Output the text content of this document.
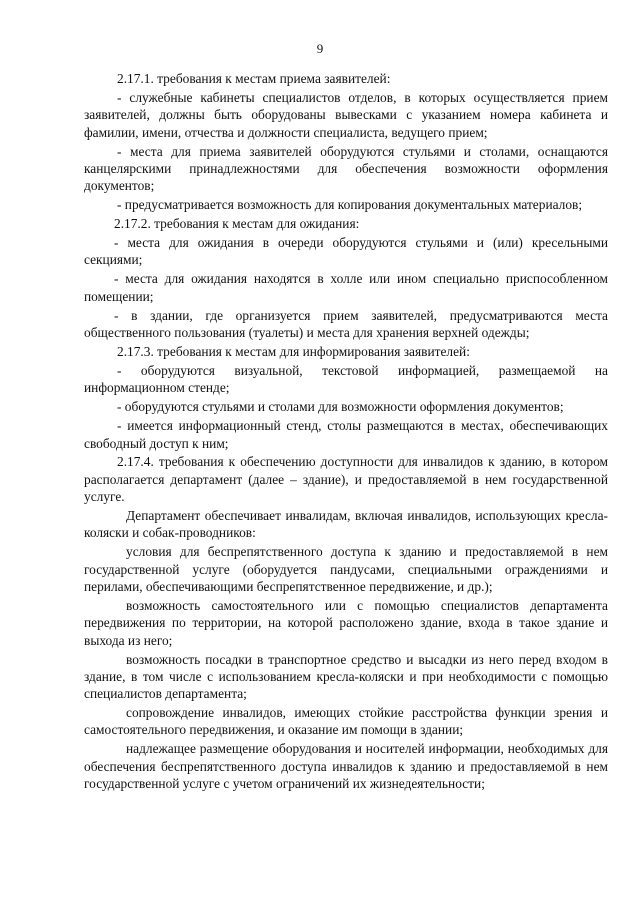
9

2.17.1. требования к местам приема заявителей:

- служебные кабинеты специалистов отделов, в которых осуществляется прием заявителей, должны быть оборудованы вывесками с указанием номера кабинета и фамилии, имени, отчества и должности специалиста, ведущего прием;

- места для приема заявителей оборудуются стульями и столами, оснащаются канцелярскими принадлежностями для обеспечения возможности оформления документов;

- предусматривается возможность для копирования документальных материалов;

2.17.2. требования к местам для ожидания:

- места для ожидания в очереди оборудуются стульями и (или) кресельными секциями;

- места для ожидания находятся в холле или ином специально приспособленном помещении;

- в здании, где организуется прием заявителей, предусматриваются места общественного пользования (туалеты) и места для хранения верхней одежды;

2.17.3. требования к местам для информирования заявителей:

- оборудуются визуальной, текстовой информацией, размещаемой на информационном стенде;

- оборудуются стульями и столами для возможности оформления документов;

- имеется информационный стенд, столы размещаются в местах, обеспечивающих свободный доступ к ним;

2.17.4. требования к обеспечению доступности для инвалидов к зданию, в котором располагается департамент (далее – здание), и предоставляемой в нем государственной услуге.

Департамент обеспечивает инвалидам, включая инвалидов, использующих кресла-коляски и собак-проводников:

условия для беспрепятственного доступа к зданию и предоставляемой в нем государственной услуге (оборудуется пандусами, специальными ограждениями и перилами, обеспечивающими беспрепятственное передвижение, и др.);

возможность самостоятельного или с помощью специалистов департамента передвижения по территории, на которой расположено здание, входа в такое здание и выхода из него;

возможность посадки в транспортное средство и высадки из него перед входом в здание, в том числе с использованием кресла-коляски и при необходимости с помощью специалистов департамента;

сопровождение инвалидов, имеющих стойкие расстройства функции зрения и самостоятельного передвижения, и оказание им помощи в здании;

надлежащее размещение оборудования и носителей информации, необходимых для обеспечения беспрепятственного доступа инвалидов к зданию и предоставляемой в нем государственной услуге с учетом ограничений их жизнедеятельности;
